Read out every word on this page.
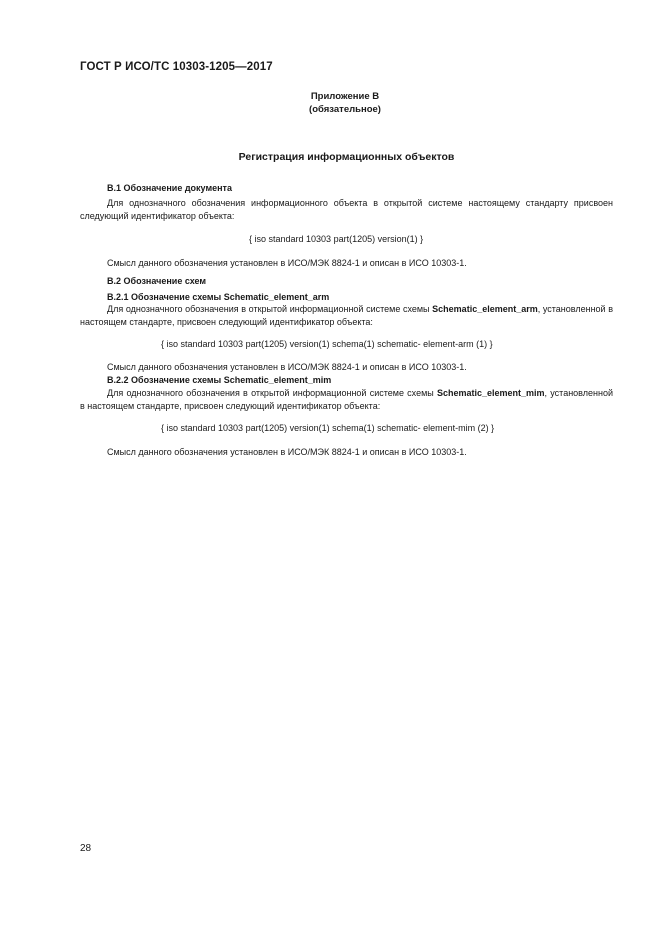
ГОСТ Р ИСО/ТС 10303-1205—2017
Приложение В
(обязательное)
Регистрация информационных объектов
В.1 Обозначение документа

Для однозначного обозначения информационного объекта в открытой системе настоящему стандарту присвоен следующий идентификатор объекта:

{ iso standard 10303 part(1205) version(1) }
Смысл данного обозначения установлен в ИСО/МЭК 8824-1 и описан в ИСО 10303-1.
В.2 Обозначение схем
В.2.1 Обозначение схемы Schematic_element_arm

Для однозначного обозначения в открытой информационной системе схемы Schematic_element_arm, установленной в настоящем стандарте, присвоен следующий идентификатор объекта:

{ iso standard 10303 part(1205) version(1) schema(1) schematic- element-arm (1) }
Смысл данного обозначения установлен в ИСО/МЭК 8824-1 и описан в ИСО 10303-1.
В.2.2 Обозначение схемы Schematic_element_mim

Для однозначного обозначения в открытой информационной системе схемы Schematic_element_mim, установленной в настоящем стандарте, присвоен следующий идентификатор объекта:

{ iso standard 10303 part(1205) version(1) schema(1) schematic- element-mim (2) }
Смысл данного обозначения установлен в ИСО/МЭК 8824-1 и описан в ИСО 10303-1.
28
